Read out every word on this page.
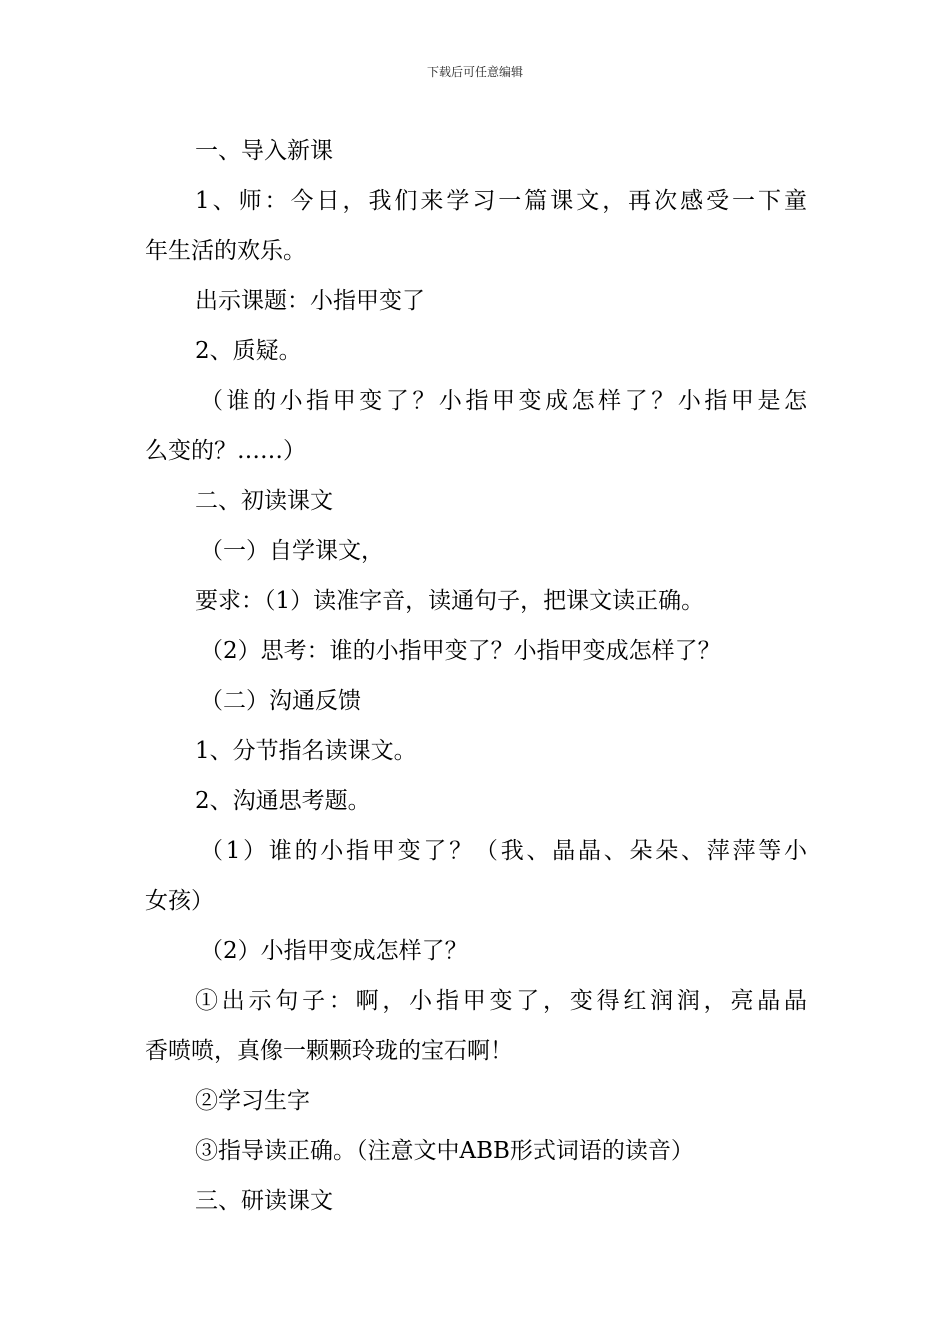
下载后可任意编辑

一、导入新课

1、师：今日，我们来学习一篇课文，再次感受一下童

年生活的欢乐。

出示课题：小指甲变了

2、质疑。

（谁的小指甲变了？小指甲变成怎样了？小指甲是怎

么变的？……）

二、初读课文

（一）自学课文，

要求：（1）读准字音，读通句子，把课文读正确。

（2）思考：谁的小指甲变了？小指甲变成怎样了？

（二）沟通反馈

1、分节指名读课文。

2、沟通思考题。

（1）谁的小指甲变了？（我、晶晶、朵朵、萍萍等小

女孩）

（2）小指甲变成怎样了？

①出示句子：啊，小指甲变了，变得红润润，亮晶晶

香喷喷，真像一颗颗玲珑的宝石啊！

②学习生字

③指导读正确。（注意文中ABB形式词语的读音）

三、研读课文
